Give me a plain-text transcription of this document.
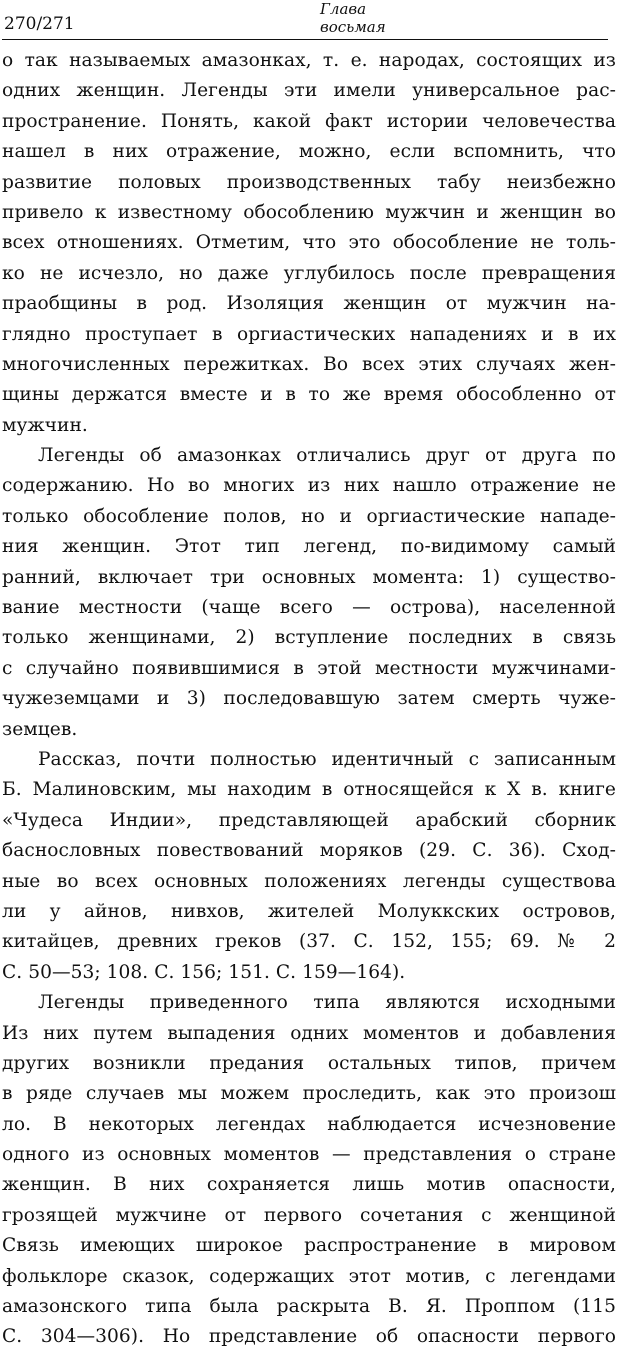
270/271
Глава
восьмая
о так называемых амазонках, т. е. народах, состоящих из
одних женщин. Легенды эти имели универсальное рас-
пространение. Понять, какой факт истории человечества
нашел в них отражение, можно, если вспомнить, что
развитие половых производственных табу неизбежно
привело к известному обособлению мужчин и женщин во
всех отношениях. Отметим, что это обособление не толь-
ко не исчезло, но даже углубилось после превращения
праобщины в род. Изоляция женщин от мужчин на-
глядно проступает в оргиастических нападениях и в их
многочисленных пережитках. Во всех этих случаях жен-
щины держатся вместе и в то же время обособленно от
мужчин.
Легенды об амазонках отличались друг от друга по
содержанию. Но во многих из них нашло отражение не
только обособление полов, но и оргиастические нападе-
ния женщин. Этот тип легенд, по-видимому самый
ранний, включает три основных момента: 1) существо-
вание местности (чаще всего — острова), населенной
только женщинами, 2) вступление последних в связь
с случайно появившимися в этой местности мужчинами-
чужеземцами и 3) последовавшую затем смерть чуже-
земцев.
Рассказ, почти полностью идентичный с записанным
Б. Малиновским, мы находим в относящейся к X в. книге
«Чудеса Индии», представляющей арабский сборник
баснословных повествований моряков (29. С. 36). Сход-
ные во всех основных положениях легенды существова
ли у айнов, нивхов, жителей Молуккских островов,
китайцев, древних греков (37. С. 152, 155; 69. № 2
С. 50—53; 108. С. 156; 151. С. 159—164).
Легенды приведенного типа являются исходными
Из них путем выпадения одних моментов и добавления
других возникли предания остальных типов, причем
в ряде случаев мы можем проследить, как это произош
ло. В некоторых легендах наблюдается исчезновение
одного из основных моментов — представления о стране
женщин. В них сохраняется лишь мотив опасности,
грозящей мужчине от первого сочетания с женщиной
Связь имеющих широкое распространение в мировом
фольклоре сказок, содержащих этот мотив, с легендами
амазонского типа была раскрыта В. Я. Проппом (115
С. 304—306). Но представление об опасности первого
